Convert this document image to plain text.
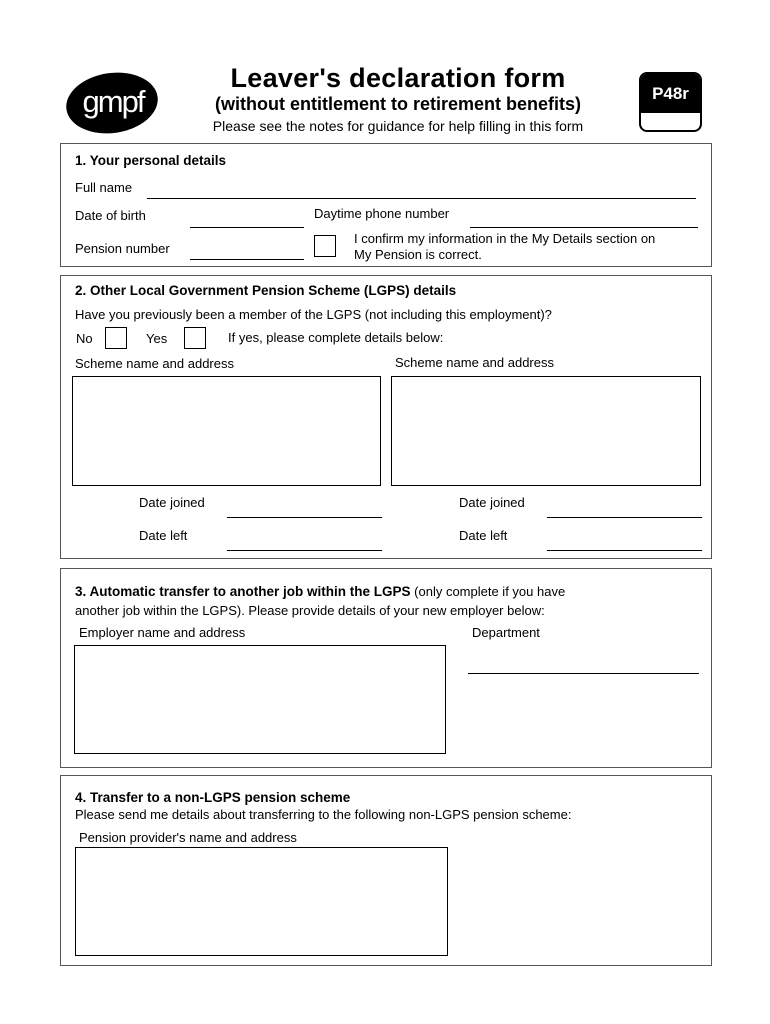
gmpf
Leaver's declaration form
(without entitlement to retirement benefits)
Please see the notes for guidance for help filling in this form
P48r
1. Your personal details
Full name
Date of birth	Daytime phone number
Pension number
I confirm my information in the My Details section on
My Pension is correct.
2. Other Local Government Pension Scheme (LGPS) details
Have you previously been a member of the LGPS (not including this employment)?
No	Yes	If yes, please complete details below:
Scheme name and address	Scheme name and address
Date joined
Date left
Date joined
Date left
3. Automatic transfer to another job within the LGPS (only complete if you have
another job within the LGPS). Please provide details of your new employer below:
Employer name and address	Department
4. Transfer to a non-LGPS pension scheme
Please send me details about transferring to the following non-LGPS pension scheme:
Pension provider's name and address
